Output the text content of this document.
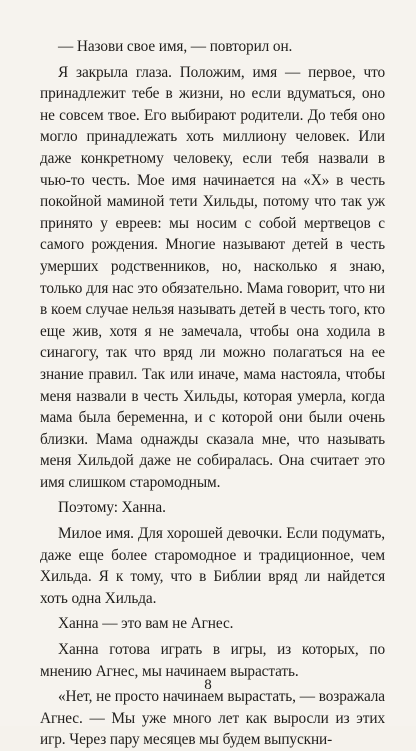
— Назови свое имя, — повторил он.

Я закрыла глаза. Положим, имя — первое, что принадлежит тебе в жизни, но если вдуматься, оно не совсем твое. Его выбирают родители. До тебя оно могло принадлежать хоть миллиону человек. Или даже конкретному человеку, если тебя назвали в чью-то честь. Мое имя начинается на «Х» в честь покойной маминой тети Хильды, потому что так уж принято у евреев: мы носим с собой мертвецов с самого рождения. Многие называют детей в честь умерших родственников, но, насколько я знаю, только для нас это обязательно. Мама говорит, что ни в коем случае нельзя называть детей в честь того, кто еще жив, хотя я не замечала, чтобы она ходила в синагогу, так что вряд ли можно полагаться на ее знание правил. Так или иначе, мама настояла, чтобы меня назвали в честь Хильды, которая умерла, когда мама была беременна, и с которой они были очень близки. Мама однажды сказала мне, что называть меня Хильдой даже не собиралась. Она считает это имя слишком старомодным.

Поэтому: Ханна.

Милое имя. Для хорошей девочки. Если подумать, даже еще более старомодное и традиционное, чем Хильда. Я к тому, что в Библии вряд ли найдется хоть одна Хильда.

Ханна — это вам не Агнес.

Ханна готова играть в игры, из которых, по мнению Агнес, мы начинаем вырастать.

«Нет, не просто начинаем вырастать, — возражала Агнес. — Мы уже много лет как выросли из этих игр. Через пару месяцев мы будем выпускни-

8
